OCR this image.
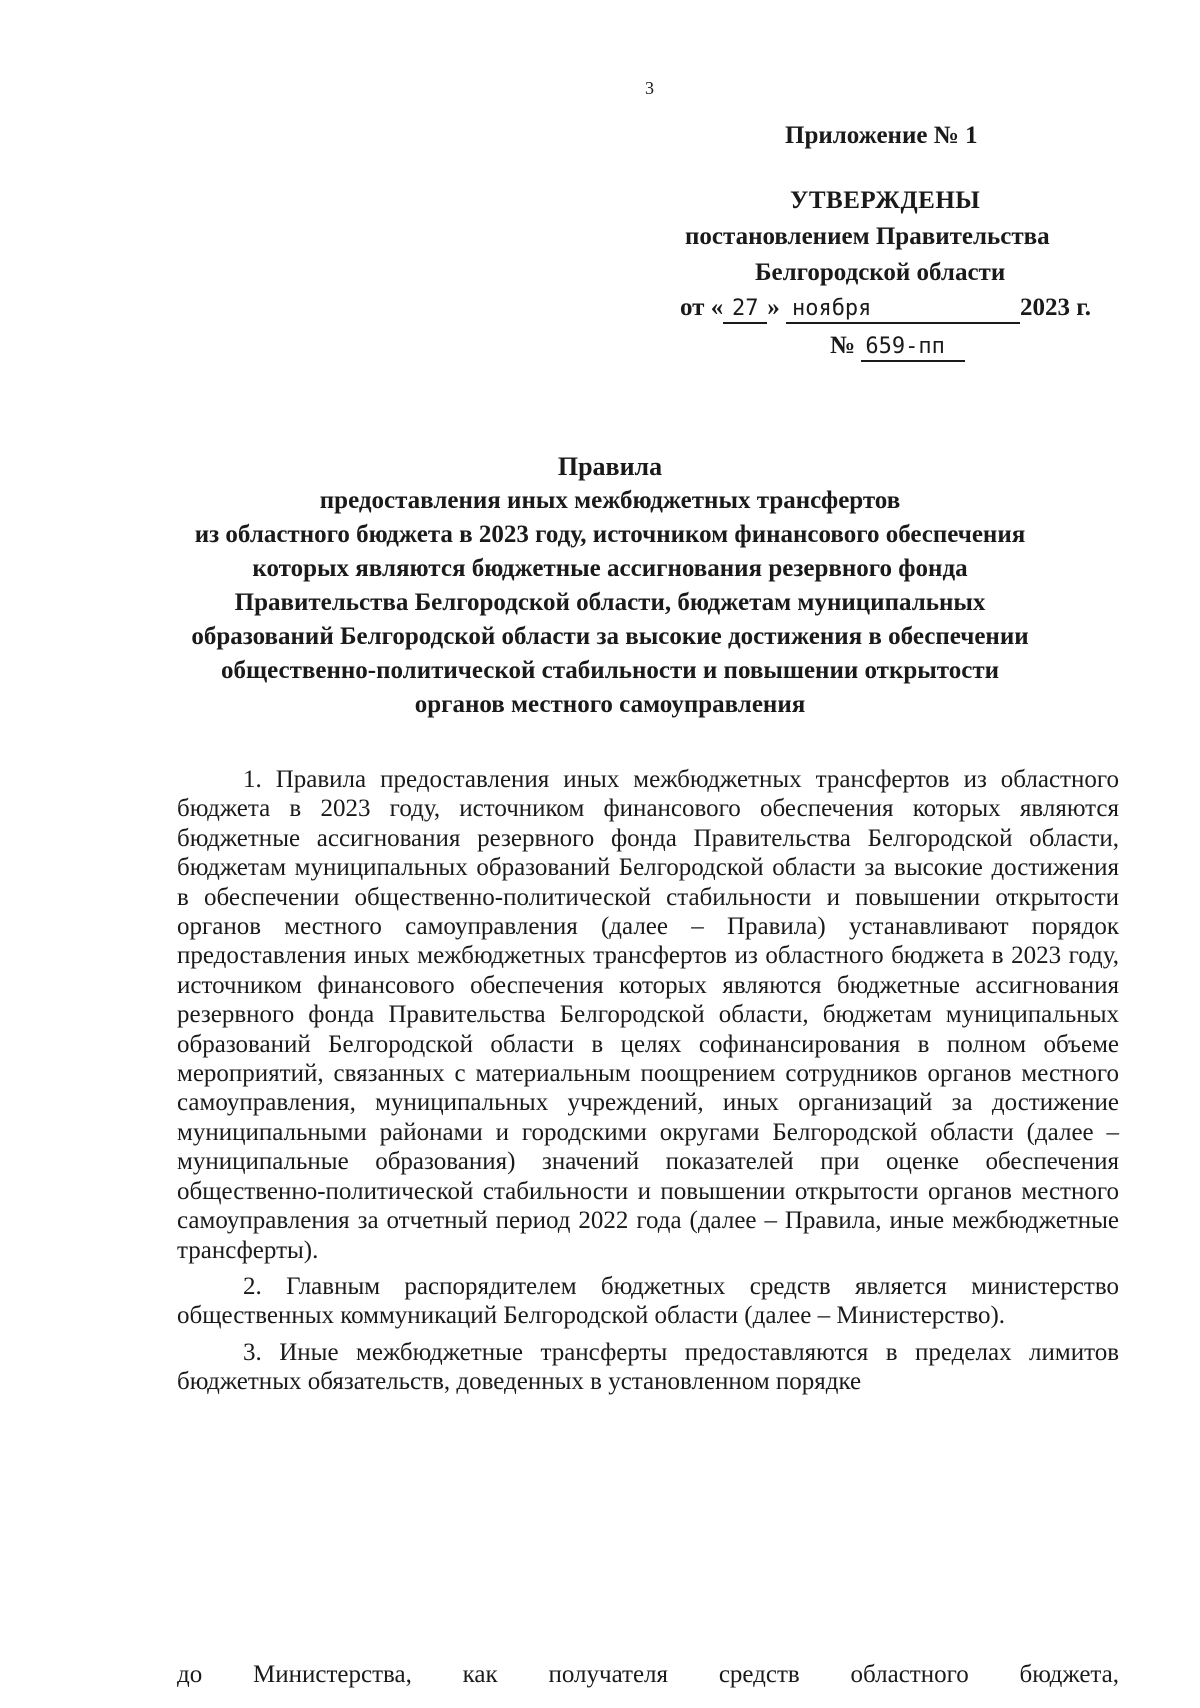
3
Приложение № 1
УТВЕРЖДЕНЫ
постановлением Правительства
Белгородской области
от « 27 » ноября	2023 г.
№ 659-пп
Правила
предоставления иных межбюджетных трансфертов
из областного бюджета в 2023 году, источником финансового обеспечения
которых являются бюджетные ассигнования резервного фонда
Правительства Белгородской области, бюджетам муниципальных
образований Белгородской области за высокие достижения в обеспечении
общественно-политической стабильности и повышении открытости
органов местного самоуправления

1. Правила предоставления иных межбюджетных трансфертов из областного бюджета в 2023 году, источником финансового обеспечения которых являются бюджетные ассигнования резервного фонда Правительства Белгородской области, бюджетам муниципальных образований Белгородской области за высокие достижения в обеспечении общественно-политической стабильности и повышении открытости органов местного самоуправления (далее – Правила) устанавливают порядок предоставления иных межбюджетных трансфертов из областного бюджета в 2023 году, источником финансового обеспечения которых являются бюджетные ассигнования резервного фонда Правительства Белгородской области, бюджетам муниципальных образований Белгородской области в целях софинансирования в полном объеме мероприятий, связанных с материальным поощрением сотрудников органов местного самоуправления, муниципальных учреждений, иных организаций за достижение муниципальными районами и городскими округами Белгородской области (далее – муниципальные образования) значений показателей при оценке обеспечения общественно-политической стабильности и повышении открытости органов местного самоуправления за отчетный период 2022 года (далее – Правила, иные межбюджетные трансферты).

2. Главным распорядителем бюджетных средств является министерство общественных коммуникаций Белгородской области (далее – Министерство).

3. Иные межбюджетные трансферты предоставляются в пределах лимитов бюджетных обязательств, доведенных в установленном порядке

до Министерства, как получателя средств областного бюджета,
